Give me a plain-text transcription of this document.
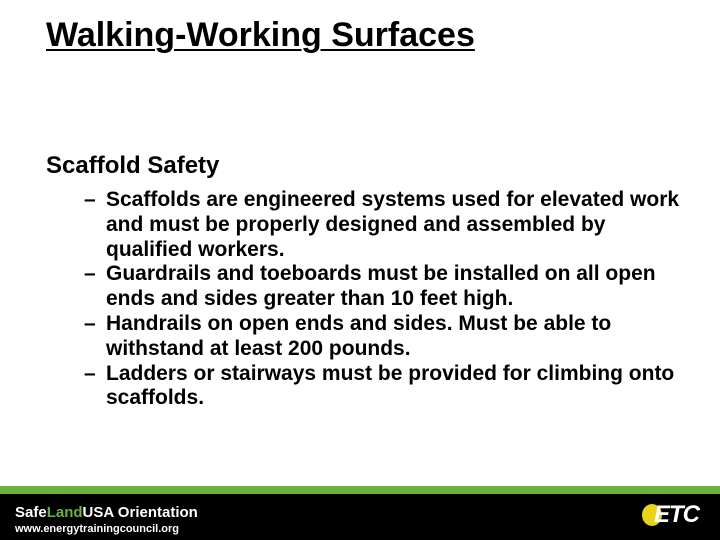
Walking-Working Surfaces
Scaffold Safety
– Scaffolds are engineered systems used for elevated work and must be properly designed and assembled by qualified workers.
– Guardrails and toeboards must be installed on all open ends and sides greater than 10 feet high.
– Handrails on open ends and sides. Must be able to withstand at least 200 pounds.
– Ladders or stairways must be provided for climbing onto scaffolds.
SafeLandUSA Orientation
www.energytrainingcouncil.org
ETC
